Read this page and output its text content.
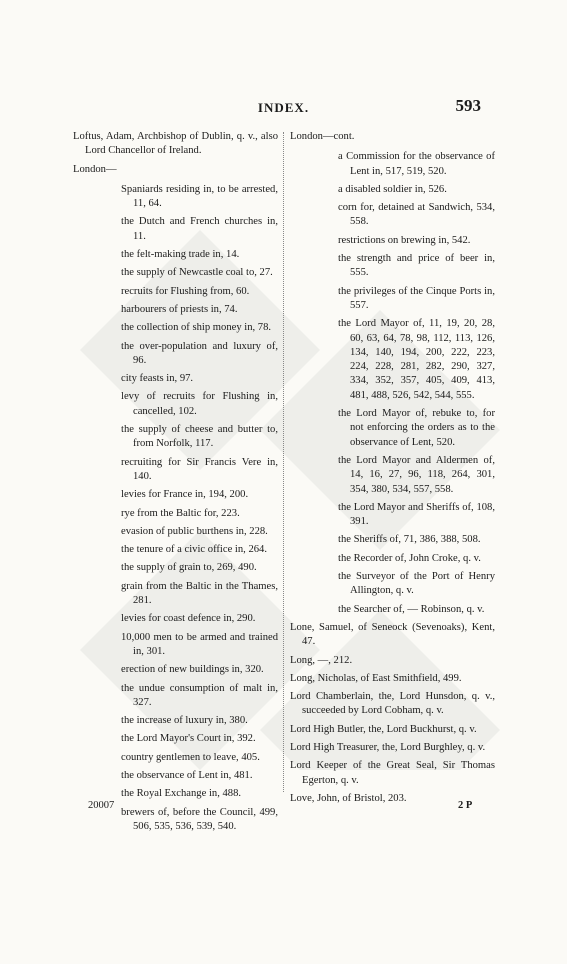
INDEX.	593
Loftus, Adam, Archbishop of Dublin, q. v., also Lord Chancellor of Ireland.
London—
Spaniards residing in, to be arrested, 11, 64.
the Dutch and French churches in, 11.
the felt-making trade in, 14.
the supply of Newcastle coal to, 27.
recruits for Flushing from, 60.
harbourers of priests in, 74.
the collection of ship money in, 78.
the over-population and luxury of, 96.
city feasts in, 97.
levy of recruits for Flushing in, cancelled, 102.
the supply of cheese and butter to, from Norfolk, 117.
recruiting for Sir Francis Vere in, 140.
levies for France in, 194, 200.
rye from the Baltic for, 223.
evasion of public burthens in, 228.
the tenure of a civic office in, 264.
the supply of grain to, 269, 490.
grain from the Baltic in the Thames, 281.
levies for coast defence in, 290.
10,000 men to be armed and trained in, 301.
erection of new buildings in, 320.
the undue consumption of malt in, 327.
the increase of luxury in, 380.
the Lord Mayor's Court in, 392.
country gentlemen to leave, 405.
the observance of Lent in, 481.
the Royal Exchange in, 488.
brewers of, before the Council, 499, 506, 535, 536, 539, 540.
London—cont.
a Commission for the observance of Lent in, 517, 519, 520.
a disabled soldier in, 526.
corn for, detained at Sandwich, 534, 558.
restrictions on brewing in, 542.
the strength and price of beer in, 555.
the privileges of the Cinque Ports in, 557.
the Lord Mayor of, 11, 19, 20, 28, 60, 63, 64, 78, 98, 112, 113, 126, 134, 140, 194, 200, 222, 223, 224, 228, 281, 282, 290, 327, 334, 352, 357, 405, 409, 413, 481, 488, 526, 542, 544, 555.
the Lord Mayor of, rebuke to, for not enforcing the orders as to the observance of Lent, 520.
the Lord Mayor and Aldermen of, 14, 16, 27, 96, 118, 264, 301, 354, 380, 534, 557, 558.
the Lord Mayor and Sheriffs of, 108, 391.
the Sheriffs of, 71, 386, 388, 508.
the Recorder of, John Croke, q. v.
the Surveyor of the Port of Henry Allington, q. v.
the Searcher of, — Robinson, q. v.
Lone, Samuel, of Seneock (Sevenoaks), Kent, 47.
Long, —, 212.
Long, Nicholas, of East Smithfield, 499.
Lord Chamberlain, the, Lord Hunsdon, q. v., succeeded by Lord Cobham, q. v.
Lord High Butler, the, Lord Buckhurst, q. v.
Lord High Treasurer, the, Lord Burghley, q. v.
Lord Keeper of the Great Seal, Sir Thomas Egerton, q. v.
Love, John, of Bristol, 203.
20007	2 P
